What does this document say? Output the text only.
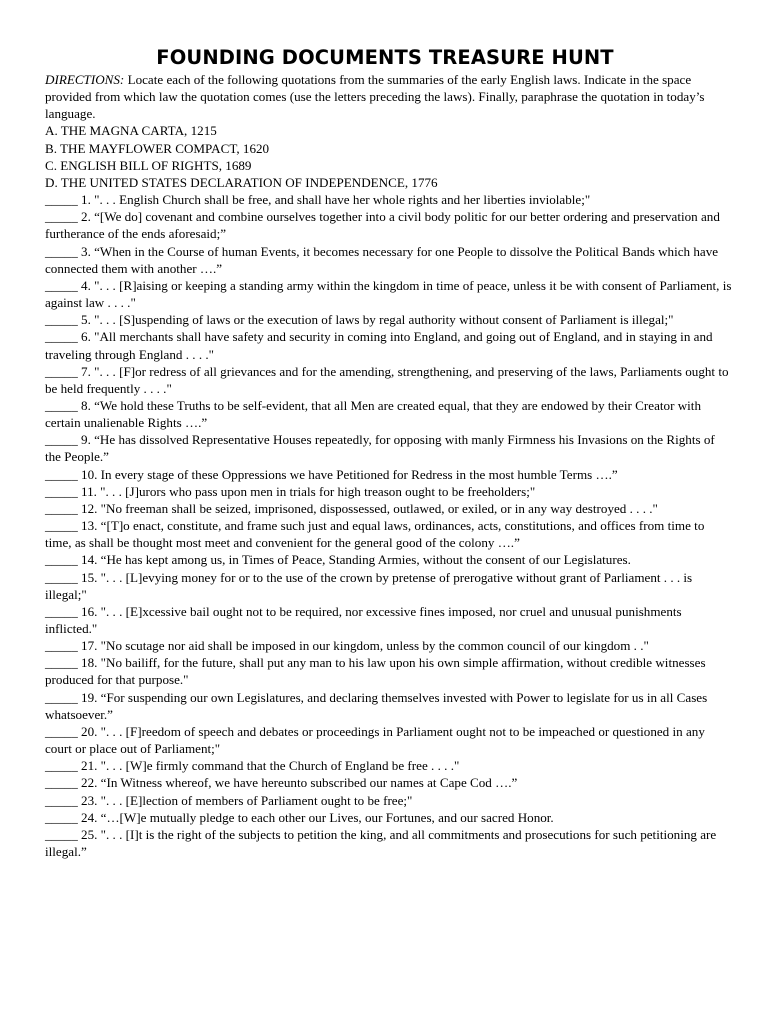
FOUNDING DOCUMENTS TREASURE HUNT

DIRECTIONS: Locate each of the following quotations from the summaries of the early English laws. Indicate in the space provided from which law the quotation comes (use the letters preceding the laws). Finally, paraphrase the quotation in today’s language.

A. THE MAGNA CARTA, 1215

B. THE MAYFLOWER COMPACT, 1620

C. ENGLISH BILL OF RIGHTS, 1689

D. THE UNITED STATES DECLARATION OF INDEPENDENCE, 1776

_____ 1. ". . . English Church shall be free, and shall have her whole rights and her liberties inviolable;"

_____ 2. “[We do] covenant and combine ourselves together into a civil body politic for our better ordering and preservation and furtherance of the ends aforesaid;”

_____ 3. “When in the Course of human Events, it becomes necessary for one People to dissolve the Political Bands which have connected them with another ….”

_____ 4. ". . . [R]aising or keeping a standing army within the kingdom in time of peace, unless it be with consent of Parliament, is against law . . . ."

_____ 5. ". . . [S]uspending of laws or the execution of laws by regal authority without consent of Parliament is illegal;"

_____ 6. "All merchants shall have safety and security in coming into England, and going out of England, and in staying in and traveling through England . . . ."

_____ 7. ". . . [F]or redress of all grievances and for the amending, strengthening, and preserving of the laws, Parliaments ought to be held frequently . . . ."

_____ 8. “We hold these Truths to be self-evident, that all Men are created equal, that they are endowed by their Creator with certain unalienable Rights ….”

_____ 9. “He has dissolved Representative Houses repeatedly, for opposing with manly Firmness his Invasions on the Rights of the People.”

_____ 10. In every stage of these Oppressions we have Petitioned for Redress in the most humble Terms ….”

_____ 11. ". . . [J]urors who pass upon men in trials for high treason ought to be freeholders;"

_____ 12. "No freeman shall be seized, imprisoned, dispossessed, outlawed, or exiled, or in any way destroyed . . . ."

_____ 13. “[T]o enact, constitute, and frame such just and equal laws, ordinances, acts, constitutions, and offices from time to time, as shall be thought most meet and convenient for the general good of the colony ….”

_____ 14. “He has kept among us, in Times of Peace, Standing Armies, without the consent of our Legislatures.

_____ 15. ". . . [L]evying money for or to the use of the crown by pretense of prerogative without grant of Parliament . . . is illegal;"

_____ 16. ". . . [E]xcessive bail ought not to be required, nor excessive fines imposed, nor cruel and unusual punishments inflicted."

_____ 17. "No scutage nor aid shall be imposed in our kingdom, unless by the common council of our kingdom . ."

_____ 18. "No bailiff, for the future, shall put any man to his law upon his own simple affirmation, without credible witnesses produced for that purpose."

_____ 19. “For suspending our own Legislatures, and declaring themselves invested with Power to legislate for us in all Cases whatsoever.”

_____ 20. ". . . [F]reedom of speech and debates or proceedings in Parliament ought not to be impeached or questioned in any court or place out of Parliament;"

_____ 21. ". . . [W]e firmly command that the Church of England be free . . . ."

_____ 22. “In Witness whereof, we have hereunto subscribed our names at Cape Cod ….”

_____ 23. ". . . [E]lection of members of Parliament ought to be free;"

_____ 24. “…[W]e mutually pledge to each other our Lives, our Fortunes, and our sacred Honor.

_____ 25. ". . . [I]t is the right of the subjects to petition the king, and all commitments and prosecutions for such petitioning are illegal.”
